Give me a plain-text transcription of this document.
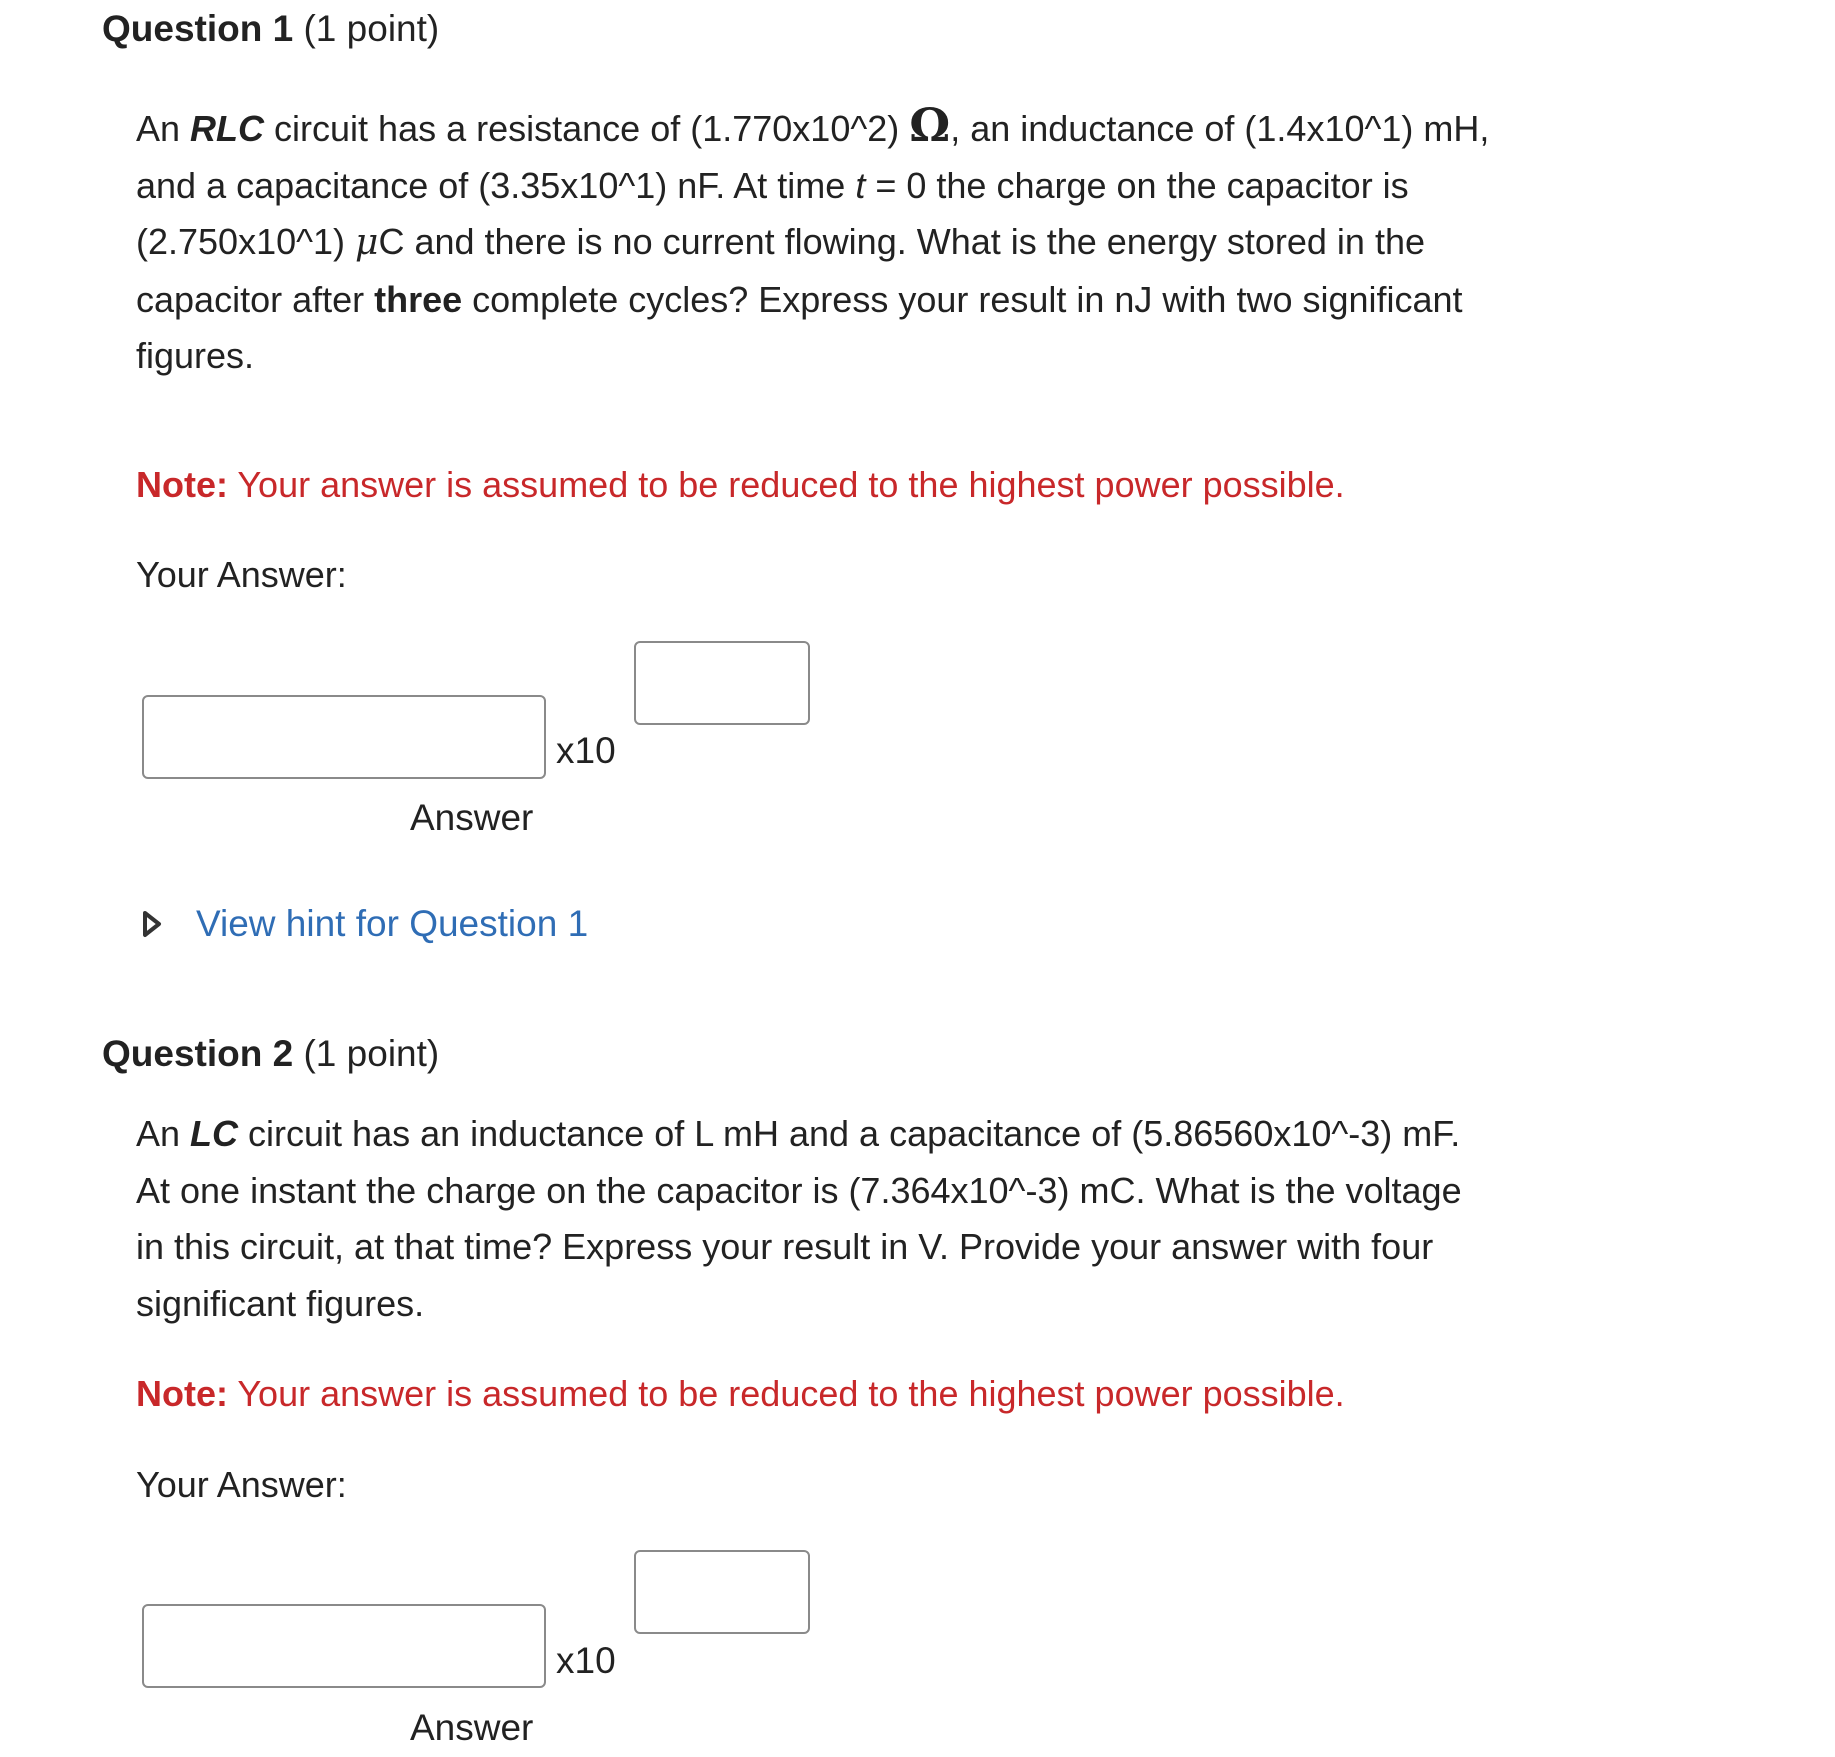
Question 1 (1 point)
An RLC circuit has a resistance of (1.770x10^2) Ω, an inductance of (1.4x10^1) mH,
and a capacitance of (3.35x10^1) nF. At time t = 0 the charge on the capacitor is
(2.750x10^1) μC and there is no current flowing. What is the energy stored in the
capacitor after three complete cycles? Express your result in nJ with two significant
figures.
Note: Your answer is assumed to be reduced to the highest power possible.
Your Answer:
x10
Answer
View hint for Question 1
Question 2 (1 point)
An LC circuit has an inductance of L mH and a capacitance of (5.86560x10^-3) mF.
At one instant the charge on the capacitor is (7.364x10^-3) mC. What is the voltage
in this circuit, at that time? Express your result in V. Provide your answer with four
significant figures.
Note: Your answer is assumed to be reduced to the highest power possible.
Your Answer:
x10
Answer
